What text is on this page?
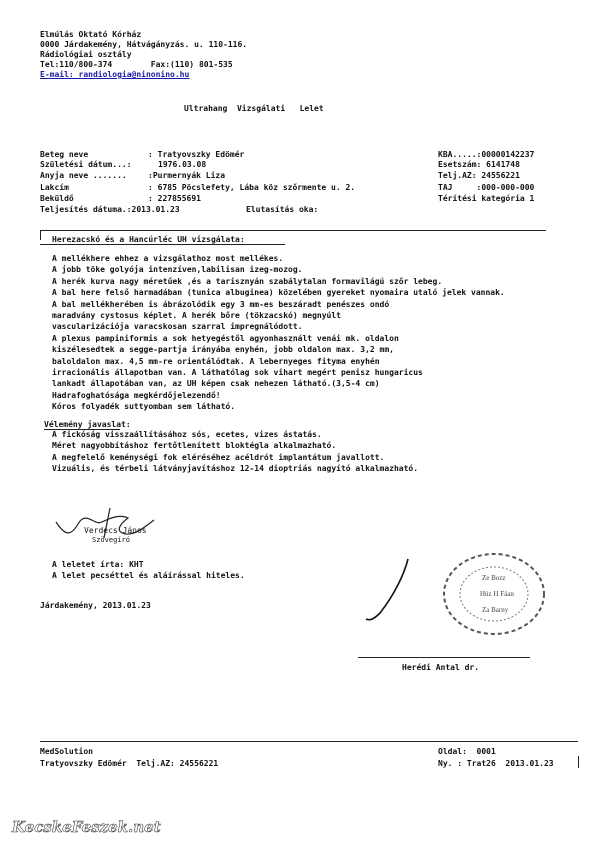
Elmúlás Oktató Kórház
0000 Járdakemény, Hátvágányzás. u. 110-116.
Rádiológiai osztály
Tel:110/800-374        Fax:(110) 801-535
E-mail: randiologia@ninonino.hu
Ultrahang  Vizsgálati   Lelet
Beteg neve	: Tratyovszky Edömér
Születési dátum...:	1976.03.08
Anyja neve .......	:Purmernyák Liza
Lakcím	: 6785 Pöcslefety, Lába köz szőrmente u. 2.
Beküldő	: 227855691
Teljesítés dátuma.:2013.01.23	Elutasítás oka:
KBA.....:00000142237
Esetszám: 6141748
Telj.AZ: 24556221
TAJ     :000-000-000
Térítési kategória 1
Herezacskó és a Hancúrléc UH vizsgálata:
A mellékhere ehhez a vizsgálathoz most mellékes.
A jobb töke golyója intenzíven,labilisan izeg-mozog.
A herék kurva nagy méretűek ,és a tarisznyán szabálytalan formavilágú szőr lebeg.
A bal here felső harmadában (tunica albuginea) közelében gyereket nyomaira utaló jelek vannak.
A bal mellékherében is ábrázolódik egy 3 mm-es beszáradt penészes ondó
maradvány cystosus képlet. A herék bőre (tökzacskó) megnyúlt
vascularizációja varacskosan szarral impregnálódott.
A plexus pampiniformis a sok hetyegéstől agyonhasznált venái mk. oldalon
kiszélesedtek a segge-partja irányába enyhén, jobb oldalon max. 3,2 mm,
baloldalon max. 4,5 mm-re orientálódtak. A lebernyeges fityma enyhén
irracionális állapotban van. A láthatólag sok vihart megért penisz hungaricus
lankadt állapotában van, az UH képen csak nehezen látható.(3,5-4 cm)
Hadrafoghatósága megkérdőjelezendő!
Kóros folyadék suttyomban sem látható.
Vélemény javaslat:
A fickóság visszaállításához sós, ecetes, vizes ástatás.
Méret nagyobbításhoz fertőtlenített bloktégla alkalmazható.
A megfelelő keménységi fok eléréséhez acéldrót implantátum javallott.
Vizuális, és térbeli látványjavításhoz 12-14 dioptriás nagyító alkalmazható.
Verdecs János
Szövegíró
A leletet írta: KHT
A lelet pecséttel és aláírással hiteles.
Járdakemény, 2013.01.23
Ze Bozz
Húz H Fáan
Za Barny
Herédi Antal dr.
MedSolution
Tratyovszky Edömér  Telj.AZ: 24556221
Oldal:  0001
Ny. : Trat26  2013.01.23
KecskeFeszek.net
